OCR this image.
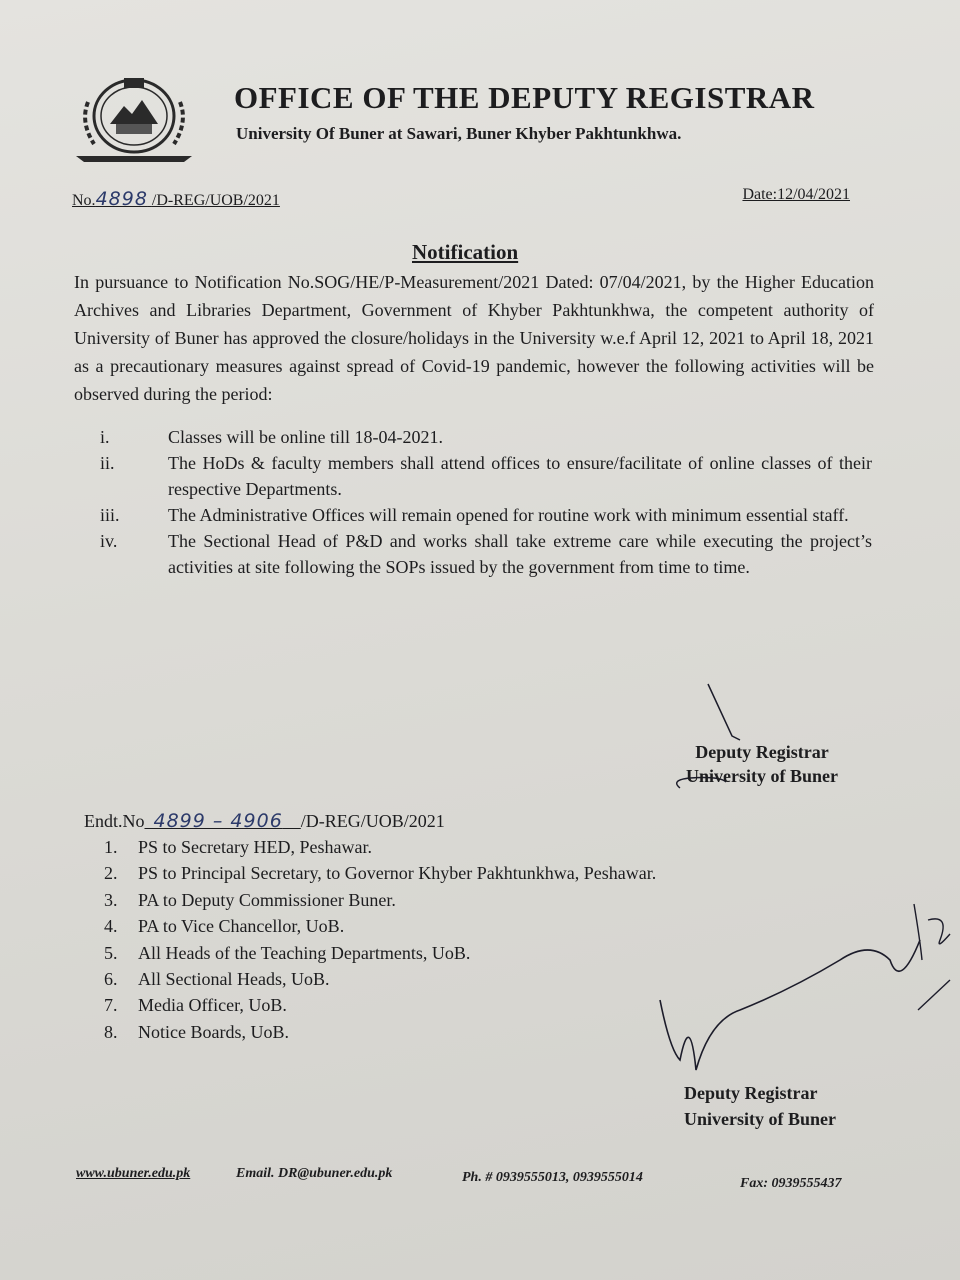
OFFICE OF THE DEPUTY REGISTRAR

University Of Buner at Sawari, Buner Khyber Pakhtunkhwa.

No.4898 /D-REG/UOB/2021	Date:12/04/2021
Notification

In pursuance to Notification No.SOG/HE/P-Measurement/2021 Dated: 07/04/2021, by the Higher Education Archives and Libraries Department, Government of Khyber Pakhtunkhwa, the competent authority of University of Buner has approved the closure/holidays in the University w.e.f April 12, 2021 to April 18, 2021 as a precautionary measures against spread of Covid-19 pandemic, however the following activities will be observed during the period:

i.	Classes will be online till 18-04-2021.
ii.	The HoDs & faculty members shall attend offices to ensure/facilitate of online classes of their respective Departments.
iii.	The Administrative Offices will remain opened for routine work with minimum essential staff.
iv.	The Sectional Head of P&D and works shall take extreme care while executing the project’s activities at site following the SOPs issued by the government from time to time.
Deputy Registrar
University of Buner
Endt.No 4899 – 4906 /D-REG/UOB/2021
1.	PS to Secretary HED, Peshawar.
2.	PS to Principal Secretary, to Governor Khyber Pakhtunkhwa, Peshawar.
3.	PA to Deputy Commissioner Buner.
4.	PA to Vice Chancellor, UoB.
5.	All Heads of the Teaching Departments, UoB.
6.	All Sectional Heads, UoB.
7.	Media Officer, UoB.
8.	Notice Boards, UoB.
Deputy Registrar
University of Buner
www.ubuner.edu.pk	Email. DR@ubuner.edu.pk	Ph. # 0939555013, 0939555014	Fax: 0939555437
